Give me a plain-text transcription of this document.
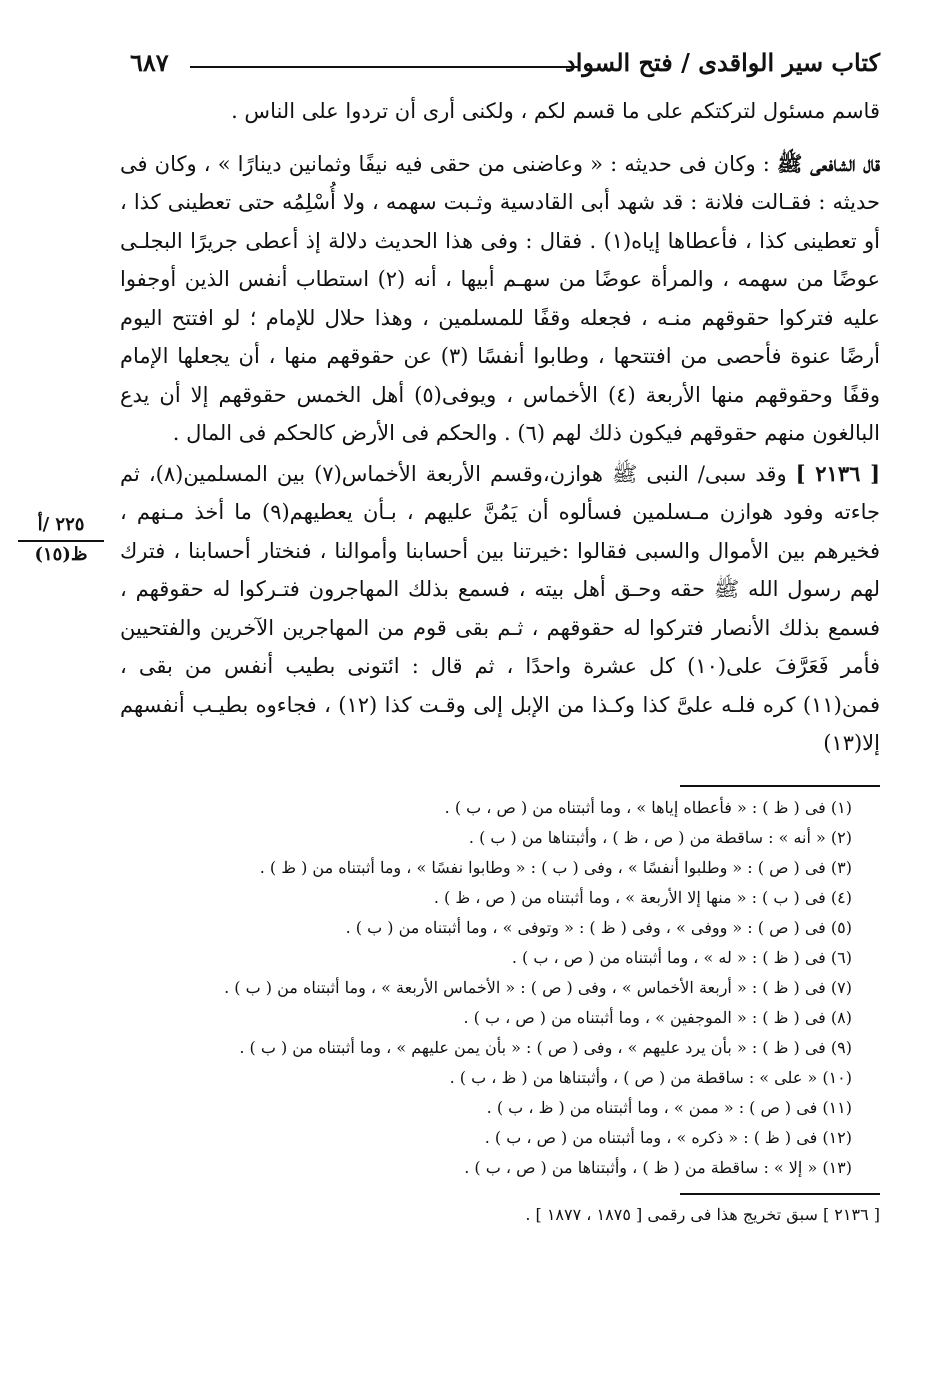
كتاب سير الواقدى / فتح السواد
٦٨٧

قاسم مسئول لتركتكم على ما قسم لكم ، ولكنى أرى أن تردوا على الناس .

قال الشافعى ﷺ : وكان فى حديثه : « وعاضنى من حقى فيه نيفًا وثمانين دينارًا » ، وكان فى حديثه : فقـالت فلانة : قد شهد أبى القادسية وثـبت سهمه ، ولا أُسْلِمُه حتى تعطينى كذا ، أو تعطينى كذا ، فأعطاها إياه(١) . فقال : وفى هذا الحديث دلالة إذ أعطى جريرًا البجلـى عوضًا من سهمه ، والمرأة عوضًا من سهـم أبيها ، أنه (٢) استطاب أنفس الذين أوجفوا عليه فتركوا حقوقهم منـه ، فجعله وقفًا للمسلمين ، وهذا حلال للإمام ؛ لو افتتح اليوم أرضًا عنوة فأحصى من افتتحها ، وطابوا أنفسًا (٣) عن حقوقهم منها ، أن يجعلها الإمام وقفًا وحقوقهم منها الأربعة (٤) الأخماس ، ويوفى(٥) أهل الخمس حقوقهم إلا أن يدع البالغون منهم حقوقهم فيكون ذلك لهم (٦) . والحكم فى الأرض كالحكم فى المال .

[ ٢١٣٦ ] وقد سبى/ النبى ﷺ هوازن،وقسم الأربعة الأخماس(٧) بين المسلمين(٨)، ثم جاءته وفود هوازن مـسلمين فسألوه أن يَمُنَّ عليهم ، بـأن يعطيهم(٩) ما أخذ مـنهم ، فخيرهم بين الأموال والسبى فقالوا :خيرتنا بين أحسابنا وأموالنا ، فنختار أحسابنا ، فترك لهم رسول الله ﷺ حقه وحـق أهل بيته ، فسمع بذلك المهاجرون فتـركوا له حقوقهم ، فسمع بذلك الأنصار فتركوا له حقوقهم ، ثـم بقى قوم من المهاجرين الآخرين والفتحيين فأمر فَعَرَّفَ على(١٠) كل عشرة واحدًا ، ثم قال : ائتونى بطيب أنفس من بقى ، فمن(١١) كره فلـه علىَّ كذا وكـذا من الإبل إلى وقـت كذا (١٢) ، فجاءوه بطيـب أنفسهم إلا(١٣)

(١) فى ( ظ ) : « فأعطاه إياها » ، وما أثبتناه من ( ص ، ب ) .
(٢) « أنه » : ساقطة من ( ص ، ظ ) ، وأثبتناها من ( ب ) .
(٣) فى ( ص ) : « وطلبوا أنفسًا » ، وفى ( ب ) : « وطابوا نفسًا » ، وما أثبتناه من ( ظ ) .
(٤) فى ( ب ) : « منها إلا الأربعة » ، وما أثبتناه من ( ص ، ظ ) .
(٥) فى ( ص ) : « ووفى » ، وفى ( ظ ) : « وتوفى » ، وما أثبتناه من ( ب ) .
(٦) فى ( ظ ) : « له » ، وما أثبتناه من ( ص ، ب ) .
(٧) فى ( ظ ) : « أربعة الأخماس » ، وفى ( ص ) : « الأخماس الأربعة » ، وما أثبتناه من ( ب ) .
(٨) فى ( ظ ) : « الموجفين » ، وما أثبتناه من ( ص ، ب ) .
(٩) فى ( ظ ) : « بأن يرد عليهم » ، وفى ( ص ) : « بأن يمن عليهم » ، وما أثبتناه من ( ب ) .
(١٠) « على » : ساقطة من ( ص ) ، وأثبتناها من ( ظ ، ب ) .
(١١) فى ( ص ) : « ممن » ، وما أثبتناه من ( ظ ، ب ) .
(١٢) فى ( ظ ) : « ذكره » ، وما أثبتناه من ( ص ، ب ) .
(١٣) « إلا » : ساقطة من ( ظ ) ، وأثبتناها من ( ص ، ب ) .
[ ٢١٣٦ ] سبق تخريج هذا فى رقمى [ ١٨٧٥ ، ١٨٧٧ ] .
٢٢٥ /أ
ظ(١٥)
